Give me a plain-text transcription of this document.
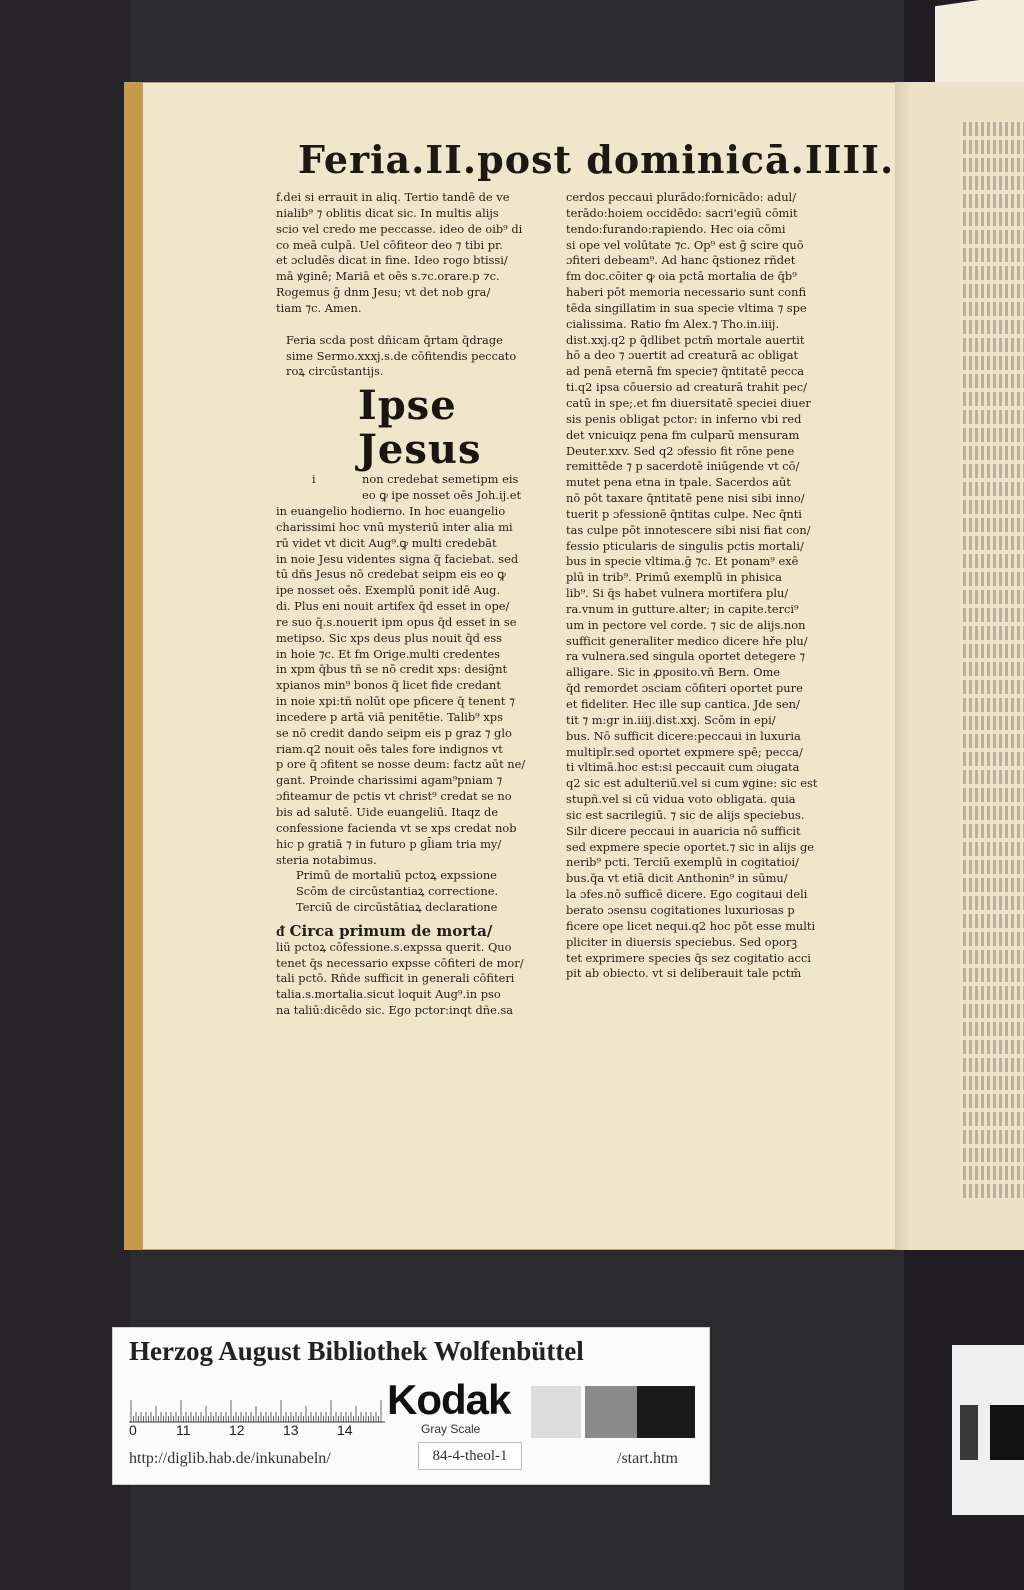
Feria.II.post dominicā.IIII.

f.dei si errauit in aliq. Tertio tandē de ve

nialib⁹ ⁊ oblitis dicat sic. In multis alijs

scio vel credo me peccasse. ideo de oib⁹ di

co meā culpā. Uel cōfiteor deo ⁊ tibi pr.

et ɔcludēs dicat in fine. Ideo rogo btissi/

mā ꝟginē; Mariā et oēs s.⁊c.orare.p ⁊c.

Rogemus ḡ dnm Jesu; vt det nob gra/

tiam ⁊c. Amen.

Feria scda post dñicam q̄rtam q̄drage

sime Sermo.xxxj.s.de cōfitendis peccato

roꝝ circūstantijs.

Ipse Jesus
i	non credebat semetipm eis

eo ꝙ ipe nosset oēs Joh.ij.et

in euangelio hodierno. In hoc euangelio

charissimi hoc vnū mysteriū inter alia mi

rū videt vt dicit Aug⁹.ꝙ multi credebāt

in noie Jesu videntes signa q̄ faciebat. sed

tū dñs Jesus nō credebat seipm eis eo ꝙ

ipe nosset oēs. Exemplū ponit idē Aug.

di. Plus eni nouit artifex q̄d esset in ope/

re suo q̄.s.nouerit ipm opus q̄d esset in se

metipso. Sic xps deus plus nouit q̄d ess

in hoie ⁊c. Et fm Orige.multi credentes

in xpm q̄bus tñ se nō credit xps: desig̃nt

xpianos min⁹ bonos q̄ licet fide credant

in noie xpi:tñ nolūt ope pficere q̄ tenent ⁊

incedere p artā viā penitētie. Talib⁹ xps

se nō credit dando seipm eis p graz ⁊ glo

riam.q2 nouit oēs tales fore indignos vt

p ore q̄ ɔfitent se nosse deum: factz aūt ne/

gant. Proinde charissimi agam⁹pniam ⁊

ɔfiteamur de pctis vt christ⁹ credat se no

bis ad salutē. Uide euangeliū. Itaqz de

confessione facienda vt se xps credat nob

hic p gratiā ⁊ in futuro p gl̄iam tria my/

steria notabimus.

Primū de mortaliū pctoꝝ expssione

Scōm de circūstantiaꝝ correctione.

Terciū de circūstātiaꝝ declaratione

ᵭ Circa primum de morta/

liū pctoꝝ cōfessione.s.expssa querit. Quo

tenet q̄s necessario expsse cōfiteri de mor/

tali pctō. Rñde sufficit in generali cōfiteri

talia.s.mortalia.sicut loquit Aug⁹.in pso

na taliū:dicēdo sic. Ego pctor:inqt dñe.sa

cerdos peccaui plurādo:fornicādo: adul/

terādo:hoiem occidēdo: sacri'egiū cōmit

tendo:furando:rapiendo. Hec oia cōmi

si ope vel volūtate ⁊c. Op⁹ est ḡ scire quō

ɔfiteri debeam⁹. Ad hanc q̄stionez rñdet

fm doc.cōiter ꝙ oia pctā mortalia de q̄b⁹

haberi pōt memoria necessario sunt confi

tēda singillatim in sua specie vltima ⁊ spe

cialissima. Ratio fm Alex.⁊ Tho.in.iiij.

dist.xxj.q2 p q̄dlibet pctm̄ mortale auertit

hō a deo ⁊ ɔuertit ad creaturā ac obligat

ad penā eternā fm specie⁊ q̄ntitatē pecca

ti.q2 ipsa cōuersio ad creaturā trahit pec/

catū in spe;.et fm diuersitatē speciei diuer

sis penis obligat pctor: in inferno vbi red

det vnicuiqz pena fm culparū mensuram

Deuter.xxv. Sed q2 ɔfessio fit rōne pene

remittēde ⁊ p sacerdotē iniūgende vt cō/

mutet pena etna in tpale. Sacerdos aūt

nō pōt taxare q̄ntitatē pene nisi sibi inno/

tuerit p ɔfessionē q̄ntitas culpe. Nec q̄nti

tas culpe pōt innotescere sibi nisi fiat con/

fessio pticularis de singulis pctis mortali/

bus in specie vltima.ḡ ⁊c. Et ponam⁹ exē

plū in trib⁹. Primū exemplū in phisica

lib⁹. Si q̄s habet vulnera mortifera plu/

ra.vnum in gutture.alter; in capite.terci⁹

um in pectore vel corde. ⁊ sic de alijs.non

sufficit generaliter medico dicere hře plu/

ra vulnera.sed singula oportet detegere ⁊

alligare. Sic in ꝓposito.vn̄ Bern. Ome

q̄d remordet ɔsciam cōfiteri oportet pure

et fideliter. Hec ille sup cantica. Jde sen/

tit ⁊ m:gr in.iiij.dist.xxj. Scōm in epi/

bus. Nō sufficit dicere:peccaui in luxuria

multiplr.sed oportet expmere spē; pecca/

ti vltimā.hoc est:si peccauit cum ɔiugata

q2 sic est adulteriū.vel si cum ꝟgine: sic est

stupñ.vel si cū vidua voto obligata. quia

sic est sacrilegiū. ⁊ sic de alijs speciebus.

Silr dicere peccaui in auaricia nō sufficit

sed expmere specie oportet.⁊ sic in alijs ge

nerib⁹ pcti. Terciū exemplū in cogitatioi/

bus.q̄a vt etiā dicit Anthonin⁹ in sūmu/

la ɔfes.nō sufficē dicere. Ego cogitaui deli

berato ɔsensu cogitationes luxuriosas p

ficere ope licet nequi.q2 hoc pōt esse multi

pliciter in diuersis speciebus. Sed oporꝫ

tet exprimere species q̄s sez cogitatio acci

pit ab obiecto. vt si deliberauit tale pctm̄

Herzog August Bibliothek Wolfenbüttel
0	11	12	13	14
Kodak
Gray Scale
http://diglib.hab.de/inkunabeln/	84-4-theol-1	/start.htm
